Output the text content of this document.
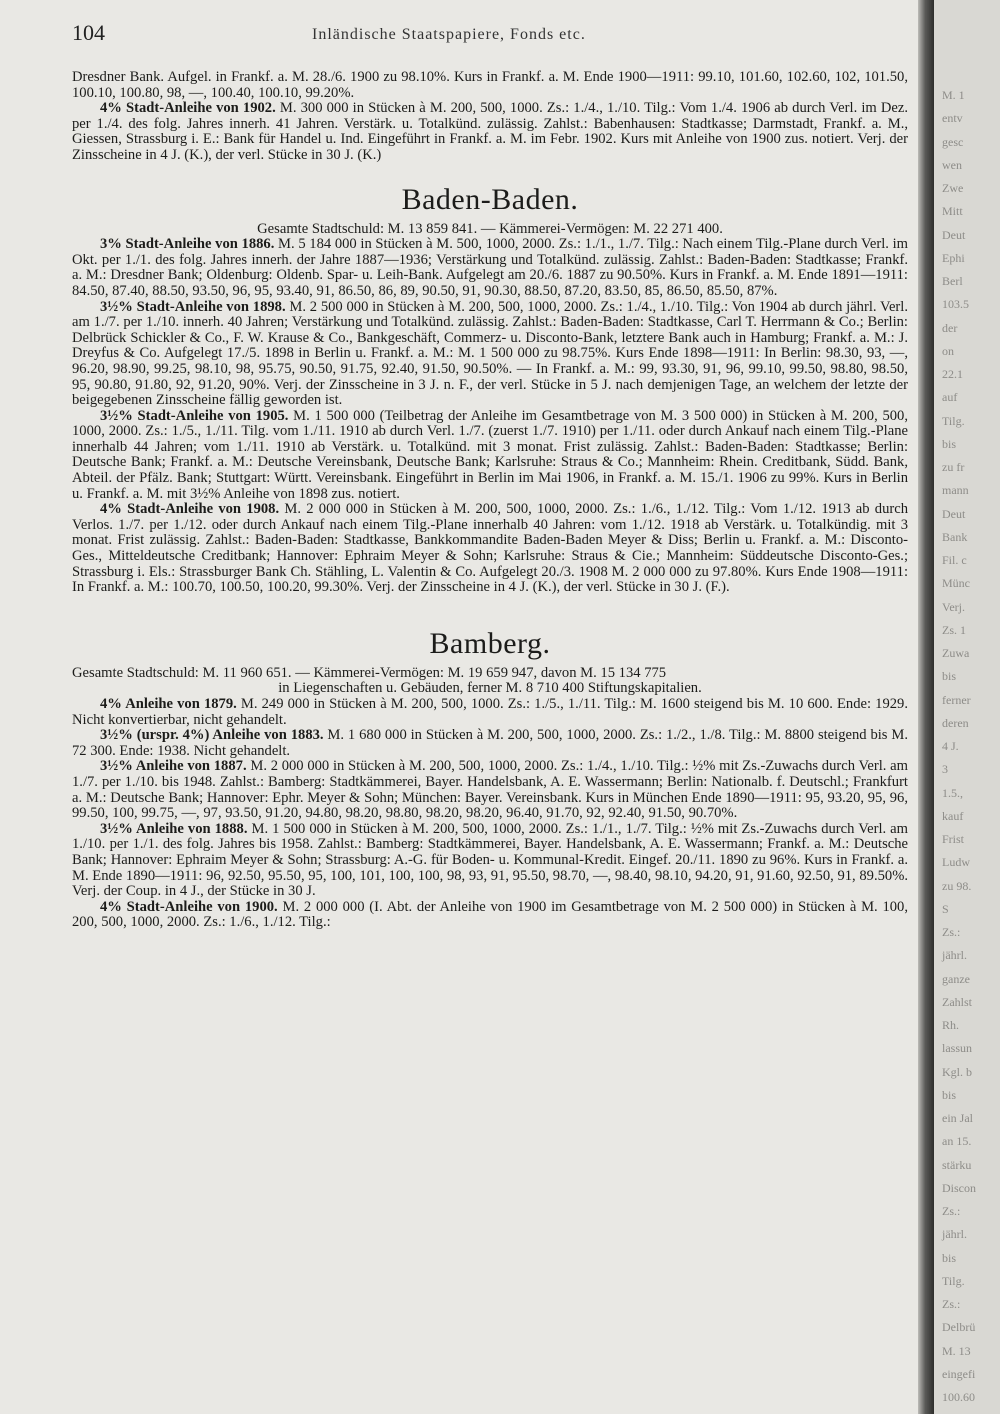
104	Inländische Staatspapiere, Fonds etc.

Dresdner Bank. Aufgel. in Frankf. a. M. 28./6. 1900 zu 98.10%. Kurs in Frankf. a. M. Ende 1900—1911: 99.10, 101.60, 102.60, 102, 101.50, 100.10, 100.80, 98, —, 100.40, 100.10, 99.20%.

4% Stadt-Anleihe von 1902. M. 300 000 in Stücken à M. 200, 500, 1000. Zs.: 1./4., 1./10. Tilg.: Vom 1./4. 1906 ab durch Verl. im Dez. per 1./4. des folg. Jahres innerh. 41 Jahren. Verstärk. u. Totalkünd. zulässig. Zahlst.: Babenhausen: Stadtkasse; Darmstadt, Frankf. a. M., Giessen, Strassburg i. E.: Bank für Handel u. Ind. Eingeführt in Frankf. a. M. im Febr. 1902. Kurs mit Anleihe von 1900 zus. notiert. Verj. der Zinsscheine in 4 J. (K.), der verl. Stücke in 30 J. (K.)

Baden-Baden.

Gesamte Stadtschuld: M. 13 859 841. — Kämmerei-Vermögen: M. 22 271 400.

3% Stadt-Anleihe von 1886. M. 5 184 000 in Stücken à M. 500, 1000, 2000. Zs.: 1./1., 1./7. Tilg.: Nach einem Tilg.-Plane durch Verl. im Okt. per 1./1. des folg. Jahres innerh. der Jahre 1887—1936; Verstärkung und Totalkünd. zulässig. Zahlst.: Baden-Baden: Stadtkasse; Frankf. a. M.: Dresdner Bank; Oldenburg: Oldenb. Spar- u. Leih-Bank. Aufgelegt am 20./6. 1887 zu 90.50%. Kurs in Frankf. a. M. Ende 1891—1911: 84.50, 87.40, 88.50, 93.50, 96, 95, 93.40, 91, 86.50, 86, 89, 90.50, 91, 90.30, 88.50, 87.20, 83.50, 85, 86.50, 85.50, 87%.

3½% Stadt-Anleihe von 1898. M. 2 500 000 in Stücken à M. 200, 500, 1000, 2000. Zs.: 1./4., 1./10. Tilg.: Von 1904 ab durch jährl. Verl. am 1./7. per 1./10. innerh. 40 Jahren; Verstärkung und Totalkünd. zulässig. Zahlst.: Baden-Baden: Stadtkasse, Carl T. Herrmann & Co.; Berlin: Delbrück Schickler & Co., F. W. Krause & Co., Bankgeschäft, Commerz- u. Disconto-Bank, letztere Bank auch in Hamburg; Frankf. a. M.: J. Dreyfus & Co. Aufgelegt 17./5. 1898 in Berlin u. Frankf. a. M.: M. 1 500 000 zu 98.75%. Kurs Ende 1898—1911: In Berlin: 98.30, 93, —, 96.20, 98.90, 99.25, 98.10, 98, 95.75, 90.50, 91.75, 92.40, 91.50, 90.50%. — In Frankf. a. M.: 99, 93.30, 91, 96, 99.10, 99.50, 98.80, 98.50, 95, 90.80, 91.80, 92, 91.20, 90%. Verj. der Zinsscheine in 3 J. n. F., der verl. Stücke in 5 J. nach demjenigen Tage, an welchem der letzte der beigegebenen Zinsscheine fällig geworden ist.

3½% Stadt-Anleihe von 1905. M. 1 500 000 (Teilbetrag der Anleihe im Gesamtbetrage von M. 3 500 000) in Stücken à M. 200, 500, 1000, 2000. Zs.: 1./5., 1./11. Tilg. vom 1./11. 1910 ab durch Verl. 1./7. (zuerst 1./7. 1910) per 1./11. oder durch Ankauf nach einem Tilg.-Plane innerhalb 44 Jahren; vom 1./11. 1910 ab Verstärk. u. Totalkünd. mit 3 monat. Frist zulässig. Zahlst.: Baden-Baden: Stadtkasse; Berlin: Deutsche Bank; Frankf. a. M.: Deutsche Vereinsbank, Deutsche Bank; Karlsruhe: Straus & Co.; Mannheim: Rhein. Creditbank, Südd. Bank, Abteil. der Pfälz. Bank; Stuttgart: Württ. Vereinsbank. Eingeführt in Berlin im Mai 1906, in Frankf. a. M. 15./1. 1906 zu 99%. Kurs in Berlin u. Frankf. a. M. mit 3½% Anleihe von 1898 zus. notiert.

4% Stadt-Anleihe von 1908. M. 2 000 000 in Stücken à M. 200, 500, 1000, 2000. Zs.: 1./6., 1./12. Tilg.: Vom 1./12. 1913 ab durch Verlos. 1./7. per 1./12. oder durch Ankauf nach einem Tilg.-Plane innerhalb 40 Jahren: vom 1./12. 1918 ab Verstärk. u. Totalkündig. mit 3 monat. Frist zulässig. Zahlst.: Baden-Baden: Stadtkasse, Bankkommandite Baden-Baden Meyer & Diss; Berlin u. Frankf. a. M.: Disconto-Ges., Mitteldeutsche Creditbank; Hannover: Ephraim Meyer & Sohn; Karlsruhe: Straus & Cie.; Mannheim: Süddeutsche Disconto-Ges.; Strassburg i. Els.: Strassburger Bank Ch. Stähling, L. Valentin & Co. Aufgelegt 20./3. 1908 M. 2 000 000 zu 97.80%. Kurs Ende 1908—1911: In Frankf. a. M.: 100.70, 100.50, 100.20, 99.30%. Verj. der Zinsscheine in 4 J. (K.), der verl. Stücke in 30 J. (F.).

Bamberg.

Gesamte Stadtschuld: M. 11 960 651. — Kämmerei-Vermögen: M. 19 659 947, davon M. 15 134 775

in Liegenschaften u. Gebäuden, ferner M. 8 710 400 Stiftungskapitalien.

4% Anleihe von 1879. M. 249 000 in Stücken à M. 200, 500, 1000. Zs.: 1./5., 1./11. Tilg.: M. 1600 steigend bis M. 10 600. Ende: 1929. Nicht konvertierbar, nicht gehandelt.

3½% (urspr. 4%) Anleihe von 1883. M. 1 680 000 in Stücken à M. 200, 500, 1000, 2000. Zs.: 1./2., 1./8. Tilg.: M. 8800 steigend bis M. 72 300. Ende: 1938. Nicht gehandelt.

3½% Anleihe von 1887. M. 2 000 000 in Stücken à M. 200, 500, 1000, 2000. Zs.: 1./4., 1./10. Tilg.: ½% mit Zs.-Zuwachs durch Verl. am 1./7. per 1./10. bis 1948. Zahlst.: Bamberg: Stadtkämmerei, Bayer. Handelsbank, A. E. Wassermann; Berlin: Nationalb. f. Deutschl.; Frankfurt a. M.: Deutsche Bank; Hannover: Ephr. Meyer & Sohn; München: Bayer. Vereinsbank. Kurs in München Ende 1890—1911: 95, 93.20, 95, 96, 99.50, 100, 99.75, —, 97, 93.50, 91.20, 94.80, 98.20, 98.80, 98.20, 98.20, 96.40, 91.70, 92, 92.40, 91.50, 90.70%.

3½% Anleihe von 1888. M. 1 500 000 in Stücken à M. 200, 500, 1000, 2000. Zs.: 1./1., 1./7. Tilg.: ½% mit Zs.-Zuwachs durch Verl. am 1./10. per 1./1. des folg. Jahres bis 1958. Zahlst.: Bamberg: Stadtkämmerei, Bayer. Handelsbank, A. E. Wassermann; Frankf. a. M.: Deutsche Bank; Hannover: Ephraim Meyer & Sohn; Strassburg: A.-G. für Boden- u. Kommunal-Kredit. Eingef. 20./11. 1890 zu 96%. Kurs in Frankf. a. M. Ende 1890—1911: 96, 92.50, 95.50, 95, 100, 101, 100, 100, 98, 93, 91, 95.50, 98.70, —, 98.40, 98.10, 94.20, 91, 91.60, 92.50, 91, 89.50%. Verj. der Coup. in 4 J., der Stücke in 30 J.

4% Stadt-Anleihe von 1900. M. 2 000 000 (I. Abt. der Anleihe von 1900 im Gesamtbetrage von M. 2 500 000) in Stücken à M. 100, 200, 500, 1000, 2000. Zs.: 1./6., 1./12. Tilg.:

M. 1
entv
gesc
wen
Zwe
Mitt
Deut
Ephi
Berl
103.5
der
on
22.1
auf
Tilg.
bis
zu fr
mann
Deut
Bank
Fil. c
Münc
Verj.
Zs. 1
Zuwa
bis
ferner
deren
4 J.
3
1.5.,
kauf
Frist
Ludw
zu 98.
S
Zs.:
jährl.
ganze
Zahlst
Rh.
lassun
Kgl. b
bis
ein Jal
an 15.
stärku
Discon
Zs.:
jährl.
bis
Tilg.
Zs.:
Delbrü
M. 13
eingefi
100.60
